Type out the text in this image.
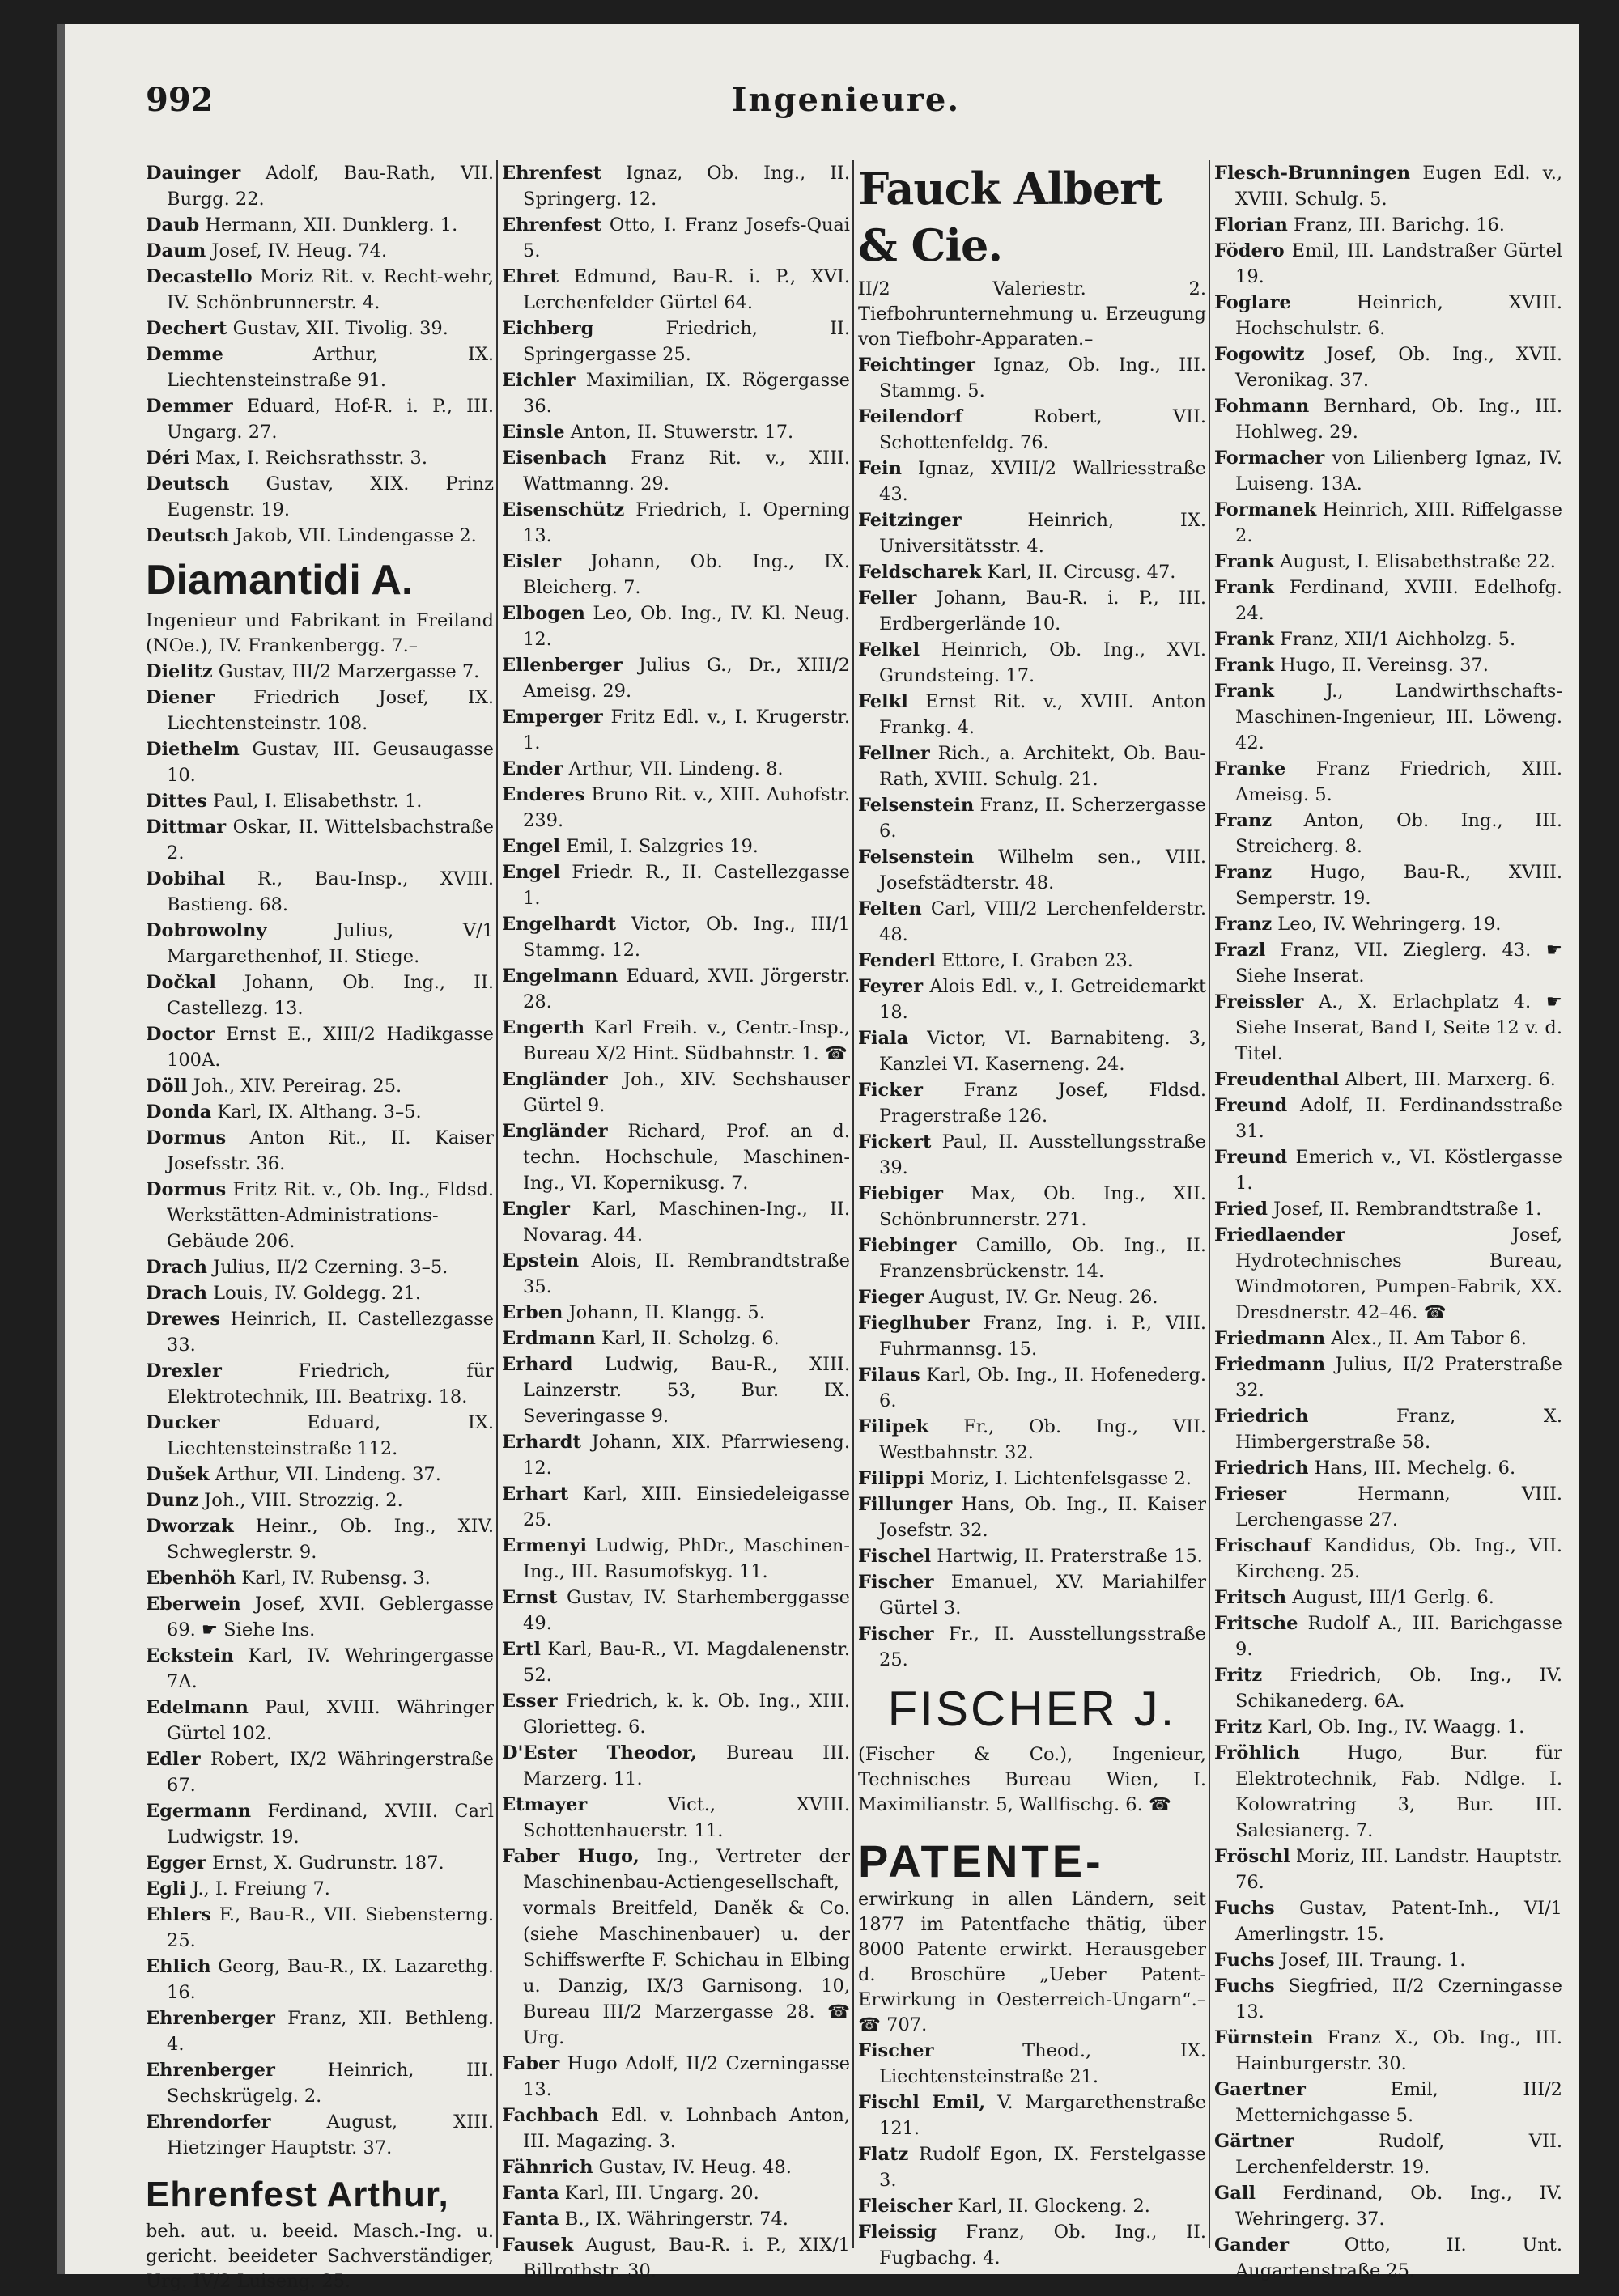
992	Ingenieure.

Dauinger Adolf, Bau-Rath, VII. Burgg. 22.

Daub Hermann, XII. Dunklerg. 1.

Daum Josef, IV. Heug. 74.

Decastello Moriz Rit. v. Recht-wehr, IV. Schönbrunnerstr. 4.

Dechert Gustav, XII. Tivolig. 39.

Demme Arthur, IX. Liechtensteinstraße 91.

Demmer Eduard, Hof-R. i. P., III. Ungarg. 27.

Déri Max, I. Reichsrathsstr. 3.

Deutsch Gustav, XIX. Prinz Eugenstr. 19.

Deutsch Jakob, VII. Lindengasse 2.

Diamantidi A.

Ingenieur und Fabrikant in Freiland (NOe.), IV. Frankenbergg. 7.–

Dielitz Gustav, III/2 Marzergasse 7.

Diener Friedrich Josef, IX. Liechtensteinstr. 108.

Diethelm Gustav, III. Geusaugasse 10.

Dittes Paul, I. Elisabethstr. 1.

Dittmar Oskar, II. Wittelsbachstraße 2.

Dobihal R., Bau-Insp., XVIII. Bastieng. 68.

Dobrowolny Julius, V/1 Margarethenhof, II. Stiege.

Dočkal Johann, Ob. Ing., II. Castellezg. 13.

Doctor Ernst E., XIII/2 Hadikgasse 100A.

Döll Joh., XIV. Pereirag. 25.

Donda Karl, IX. Althang. 3–5.

Dormus Anton Rit., II. Kaiser Josefsstr. 36.

Dormus Fritz Rit. v., Ob. Ing., Fldsd. Werkstätten-Administrations-Gebäude 206.

Drach Julius, II/2 Czerning. 3–5.

Drach Louis, IV. Goldegg. 21.

Drewes Heinrich, II. Castellezgasse 33.

Drexler Friedrich, für Elektrotechnik, III. Beatrixg. 18.

Ducker Eduard, IX. Liechtensteinstraße 112.

Dušek Arthur, VII. Lindeng. 37.

Dunz Joh., VIII. Strozzig. 2.

Dworzak Heinr., Ob. Ing., XIV. Schweglerstr. 9.

Ebenhöh Karl, IV. Rubensg. 3.

Eberwein Josef, XVII. Geblergasse 69. ☛ Siehe Ins.

Eckstein Karl, IV. Wehringergasse 7A.

Edelmann Paul, XVIII. Währinger Gürtel 102.

Edler Robert, IX/2 Währingerstraße 67.

Egermann Ferdinand, XVIII. Carl Ludwigstr. 19.

Egger Ernst, X. Gudrunstr. 187.

Egli J., I. Freiung 7.

Ehlers F., Bau-R., VII. Siebensterng. 25.

Ehlich Georg, Bau-R., IX. Lazarethg. 16.

Ehrenberger Franz, XII. Bethleng. 4.

Ehrenberger Heinrich, III. Sechskrügelg. 2.

Ehrendorfer August, XIII. Hietzinger Hauptstr. 37.

Ehrenfest Arthur,

beh. aut. u. beeid. Masch.-Ing. u. gericht. beeideter Sachverständiger, Urg. IV/2 Luiseng. 25.

Ehrenfest Ignaz, Ob. Ing., II. Springerg. 12.

Ehrenfest Otto, I. Franz Josefs-Quai 5.

Ehret Edmund, Bau-R. i. P., XVI. Lerchenfelder Gürtel 64.

Eichberg Friedrich, II. Springergasse 25.

Eichler Maximilian, IX. Rögergasse 36.

Einsle Anton, II. Stuwerstr. 17.

Eisenbach Franz Rit. v., XIII. Wattmanng. 29.

Eisenschütz Friedrich, I. Operning 13.

Eisler Johann, Ob. Ing., IX. Bleicherg. 7.

Elbogen Leo, Ob. Ing., IV. Kl. Neug. 12.

Ellenberger Julius G., Dr., XIII/2 Ameisg. 29.

Emperger Fritz Edl. v., I. Krugerstr. 1.

Ender Arthur, VII. Lindeng. 8.

Enderes Bruno Rit. v., XIII. Auhofstr. 239.

Engel Emil, I. Salzgries 19.

Engel Friedr. R., II. Castellezgasse 1.

Engelhardt Victor, Ob. Ing., III/1 Stammg. 12.

Engelmann Eduard, XVII. Jörgerstr. 28.

Engerth Karl Freih. v., Centr.-Insp., Bureau X/2 Hint. Südbahnstr. 1. ☎

Engländer Joh., XIV. Sechshauser Gürtel 9.

Engländer Richard, Prof. an d. techn. Hochschule, Maschinen-Ing., VI. Kopernikusg. 7.

Engler Karl, Maschinen-Ing., II. Novarag. 44.

Epstein Alois, II. Rembrandtstraße 35.

Erben Johann, II. Klangg. 5.

Erdmann Karl, II. Scholzg. 6.

Erhard Ludwig, Bau-R., XIII. Lainzerstr. 53, Bur. IX. Severingasse 9.

Erhardt Johann, XIX. Pfarrwieseng. 12.

Erhart Karl, XIII. Einsiedeleigasse 25.

Ermenyi Ludwig, PhDr., Maschinen-Ing., III. Rasumofskyg. 11.

Ernst Gustav, IV. Starhemberggasse 49.

Ertl Karl, Bau-R., VI. Magdalenenstr. 52.

Esser Friedrich, k. k. Ob. Ing., XIII. Glorietteg. 6.

D'Ester Theodor, Bureau III. Marzerg. 11.

Etmayer Vict., XVIII. Schottenhauerstr. 11.

Faber Hugo, Ing., Vertreter der Maschinenbau-Actiengesellschaft, vormals Breitfeld, Daněk & Co. (siehe Maschinenbauer) u. der Schiffswerfte F. Schichau in Elbing u. Danzig, IX/3 Garnisong. 10, Bureau III/2 Marzergasse 28. ☎ Urg.

Faber Hugo Adolf, II/2 Czerningasse 13.

Fachbach Edl. v. Lohnbach Anton, III. Magazing. 3.

Fähnrich Gustav, IV. Heug. 48.

Fanta Karl, III. Ungarg. 20.

Fanta B., IX. Währingerstr. 74.

Fausek August, Bau-R. i. P., XIX/1 Billrothstr. 30.

Fauck Albert & Cie.

II/2 Valeriestr. 2. Tiefbohrunternehmung u. Erzeugung von Tiefbohr-Apparaten.–

Feichtinger Ignaz, Ob. Ing., III. Stammg. 5.

Feilendorf Robert, VII. Schottenfeldg. 76.

Fein Ignaz, XVIII/2 Wallriesstraße 43.

Feitzinger Heinrich, IX. Universitätsstr. 4.

Feldscharek Karl, II. Circusg. 47.

Feller Johann, Bau-R. i. P., III. Erdbergerlände 10.

Felkel Heinrich, Ob. Ing., XVI. Grundsteing. 17.

Felkl Ernst Rit. v., XVIII. Anton Frankg. 4.

Fellner Rich., a. Architekt, Ob. Bau-Rath, XVIII. Schulg. 21.

Felsenstein Franz, II. Scherzergasse 6.

Felsenstein Wilhelm sen., VIII. Josefstädterstr. 48.

Felten Carl, VIII/2 Lerchenfelderstr. 48.

Fenderl Ettore, I. Graben 23.

Feyrer Alois Edl. v., I. Getreidemarkt 18.

Fiala Victor, VI. Barnabiteng. 3, Kanzlei VI. Kaserneng. 24.

Ficker Franz Josef, Fldsd. Pragerstraße 126.

Fickert Paul, II. Ausstellungsstraße 39.

Fiebiger Max, Ob. Ing., XII. Schönbrunnerstr. 271.

Fiebinger Camillo, Ob. Ing., II. Franzensbrückenstr. 14.

Fieger August, IV. Gr. Neug. 26.

Fieglhuber Franz, Ing. i. P., VIII. Fuhrmannsg. 15.

Filaus Karl, Ob. Ing., II. Hofenederg. 6.

Filipek Fr., Ob. Ing., VII. Westbahnstr. 32.

Filippi Moriz, I. Lichtenfelsgasse 2.

Fillunger Hans, Ob. Ing., II. Kaiser Josefstr. 32.

Fischel Hartwig, II. Praterstraße 15.

Fischer Emanuel, XV. Mariahilfer Gürtel 3.

Fischer Fr., II. Ausstellungsstraße 25.

FISCHER J.

(Fischer & Co.), Ingenieur, Technisches Bureau Wien, I. Maximilianstr. 5, Wallfischg. 6. ☎

PATENTE-

erwirkung in allen Ländern, seit 1877 im Patentfache thätig, über 8000 Patente erwirkt. Herausgeber d. Broschüre „Ueber Patent-Erwirkung in Oesterreich-Ungarn“.– ☎ 707.

Fischer Theod., IX. Liechtensteinstraße 21.

Fischl Emil, V. Margarethenstraße 121.

Flatz Rudolf Egon, IX. Ferstelgasse 3.

Fleischer Karl, II. Glockeng. 2.

Fleissig Franz, Ob. Ing., II. Fugbachg. 4.

Flesch-Brunningen Eugen Edl. v., XVIII. Schulg. 5.

Florian Franz, III. Barichg. 16.

Födero Emil, III. Landstraßer Gürtel 19.

Foglare Heinrich, XVIII. Hochschulstr. 6.

Fogowitz Josef, Ob. Ing., XVII. Veronikag. 37.

Fohmann Bernhard, Ob. Ing., III. Hohlweg. 29.

Formacher von Lilienberg Ignaz, IV. Luiseng. 13A.

Formanek Heinrich, XIII. Riffelgasse 2.

Frank August, I. Elisabethstraße 22.

Frank Ferdinand, XVIII. Edelhofg. 24.

Frank Franz, XII/1 Aichholzg. 5.

Frank Hugo, II. Vereinsg. 37.

Frank J., Landwirthschafts-Maschinen-Ingenieur, III. Löweng. 42.

Franke Franz Friedrich, XIII. Ameisg. 5.

Franz Anton, Ob. Ing., III. Streicherg. 8.

Franz Hugo, Bau-R., XVIII. Semperstr. 19.

Franz Leo, IV. Wehringerg. 19.

Frazl Franz, VII. Zieglerg. 43. ☛ Siehe Inserat.

Freissler A., X. Erlachplatz 4. ☛ Siehe Inserat, Band I, Seite 12 v. d. Titel.

Freudenthal Albert, III. Marxerg. 6.

Freund Adolf, II. Ferdinandsstraße 31.

Freund Emerich v., VI. Köstlergasse 1.

Fried Josef, II. Rembrandtstraße 1.

Friedlaender Josef, Hydrotechnisches Bureau, Windmotoren, Pumpen-Fabrik, XX. Dresdnerstr. 42–46. ☎

Friedmann Alex., II. Am Tabor 6.

Friedmann Julius, II/2 Praterstraße 32.

Friedrich Franz, X. Himbergerstraße 58.

Friedrich Hans, III. Mechelg. 6.

Frieser Hermann, VIII. Lerchengasse 27.

Frischauf Kandidus, Ob. Ing., VII. Kircheng. 25.

Fritsch August, III/1 Gerlg. 6.

Fritsche Rudolf A., III. Barichgasse 9.

Fritz Friedrich, Ob. Ing., IV. Schikanederg. 6A.

Fritz Karl, Ob. Ing., IV. Waagg. 1.

Fröhlich Hugo, Bur. für Elektrotechnik, Fab. Ndlge. I. Kolowratring 3, Bur. III. Salesianerg. 7.

Fröschl Moriz, III. Landstr. Hauptstr. 76.

Fuchs Gustav, Patent-Inh., VI/1 Amerlingstr. 15.

Fuchs Josef, III. Traung. 1.

Fuchs Siegfried, II/2 Czerningasse 13.

Fürnstein Franz X., Ob. Ing., III. Hainburgerstr. 30.

Gaertner Emil, III/2 Metternichgasse 5.

Gärtner Rudolf, VII. Lerchenfelderstr. 19.

Gall Ferdinand, Ob. Ing., IV. Wehringerg. 37.

Gander Otto, II. Unt. Augartenstraße 25.
